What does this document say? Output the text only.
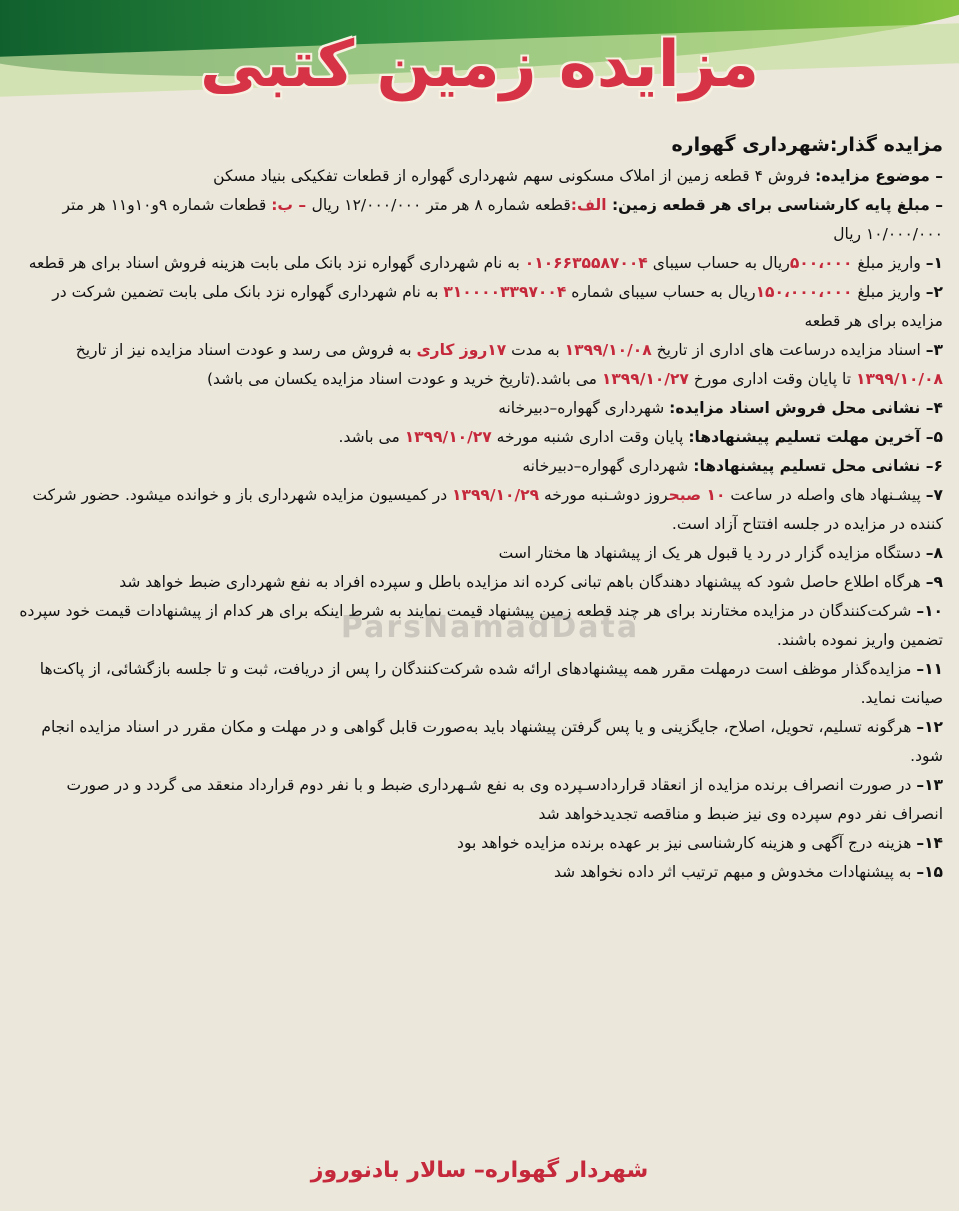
مزایده زمین کتبی

مزایده گذار:شهرداری گهواره

– موضوع مزایده: فروش ۴ قطعه زمین از املاک مسکونی سهم شهرداری گهواره از قطعات تفکیکی بنیاد مسکن

– مبلغ پایه کارشناسی برای هر قطعه زمین: الف:قطعه شماره ۸ هر متر ۱۲/۰۰۰/۰۰۰ ریال – ب: قطعات شماره ۹و۱۰و۱۱ هر متر ۱۰/۰۰۰/۰۰۰ ریال

۱– واریز مبلغ ۵۰۰،۰۰۰ریال به حساب سیبای ۰۱۰۶۶۳۵۵۸۷۰۰۴ به نام شهرداری گهواره نزد بانک ملی بابت هزینه فروش اسناد برای هر قطعه

۲– واریز مبلغ ۱۵۰،۰۰۰،۰۰۰ریال به حساب سیبای شماره ۳۱۰۰۰۰۳۳۹۷۰۰۴ به نام شهرداری گهواره نزد بانک ملی بابت تضمین شرکت در مزایده برای هر قطعه

۳– اسناد مزایده درساعت های اداری از تاریخ ۱۳۹۹/۱۰/۰۸ به مدت ۱۷روز کاری به فروش می رسد و عودت اسناد مزایده نیز از تاریخ ۱۳۹۹/۱۰/۰۸ تا پایان وقت اداری مورخ ۱۳۹۹/۱۰/۲۷ می باشد.(تاریخ خرید و عودت اسناد مزایده یکسان می باشد)

۴– نشانی محل فروش اسناد مزایده: شهرداری گهواره–دبیرخانه

۵– آخرین مهلت تسلیم پیشنهادها: پایان وقت اداری شنبه مورخه ۱۳۹۹/۱۰/۲۷ می باشد.

۶– نشانی محل تسلیم پیشنهادها: شهرداری گهواره–دبیرخانه

۷– پیشـنهاد های واصله در ساعت ۱۰ صبحروز دوشـنبه مورخه ۱۳۹۹/۱۰/۲۹ در کمیسیون مزایده شهرداری باز و خوانده میشود. حضور شرکت کننده در مزایده در جلسه افتتاح آزاد است.

۸– دستگاه مزایده گزار در رد یا قبول هر یک از پیشنهاد ها مختار است

۹– هرگاه اطلاع حاصل شود که پیشنهاد دهندگان باهم تبانی کرده اند مزایده باطل و سپرده افراد به نفع شهرداری ضبط خواهد شد

۱۰– شرکت‌کنندگان در مزایده مختارند برای هر چند قطعه زمین پیشنهاد قیمت نمایند به شرط اینکه برای هر کدام از پیشنهادات قیمت خود سپرده تضمین واریز نموده باشند.

۱۱– مزایده‌گذار موظف است درمهلت مقرر همه پیشنهادهای ارائه شده شرکت‌کنندگان را پس از دریافت، ثبت و تا جلسه بازگشائی، از پاکت‌ها صیانت نماید.

۱۲– هرگونه تسلیم، تحویل، اصلاح، جایگزینی و یا پس گرفتن پیشنهاد باید به‌صورت قابل گواهی و در مهلت و مکان مقرر در اسناد مزایده انجام شود.

۱۳– در صورت انصراف برنده مزایده از انعقاد قراردادسـپرده وی به نفع شـهرداری ضبط و با نفر دوم قرارداد منعقد می گردد و در صورت انصراف نفر دوم سپرده وی نیز ضبط و مناقصه تجدیدخواهد شد

۱۴– هزینه درج آگهی و هزینه کارشناسی نیز بر عهده برنده مزایده خواهد بود

۱۵– به پیشنهادات مخدوش و مبهم ترتیب اثر داده نخواهد شد

ParsNamadData
شهردار گهواره– سالار بادنوروز
